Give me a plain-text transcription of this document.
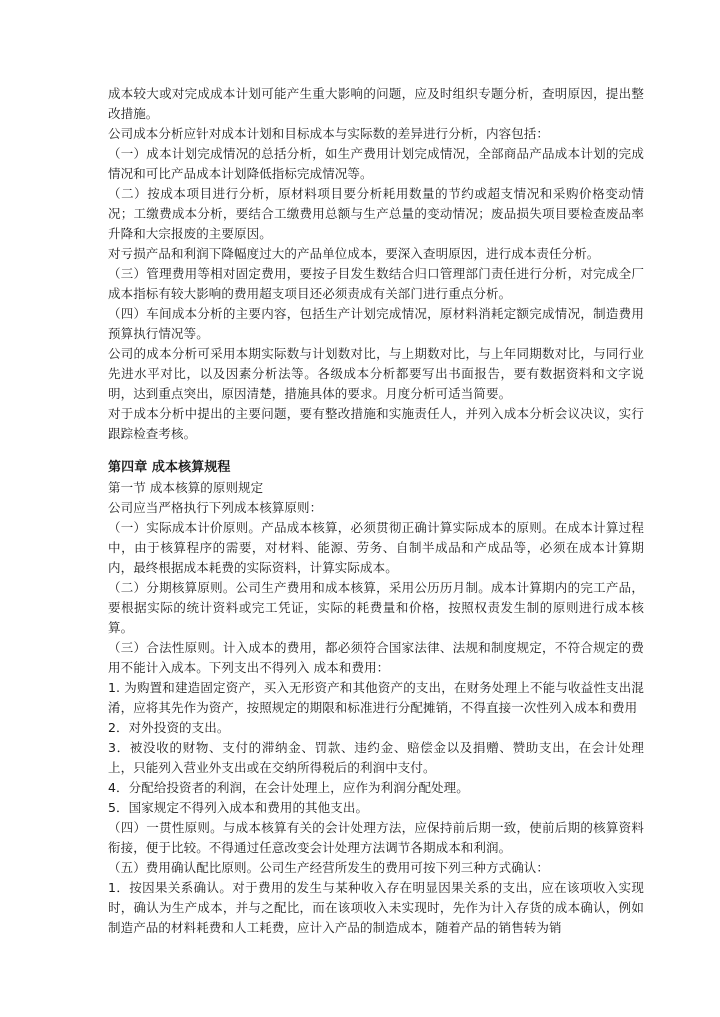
成本较大或对完成成本计划可能产生重大影响的问题，应及时组织专题分析，查明原因，提出整改措施。

公司成本分析应针对成本计划和目标成本与实际数的差异进行分析，内容包括：

（一）成本计划完成情况的总括分析，如生产费用计划完成情况，全部商品产品成本计划的完成情况和可比产品成本计划降低指标完成情况等。

（二）按成本项目进行分析，原材料项目要分析耗用数量的节约或超支情况和采购价格变动情况；工缴费成本分析，要结合工缴费用总额与生产总量的变动情况；废品损失项目要检查废品率升降和大宗报废的主要原因。

对亏损产品和利润下降幅度过大的产品单位成本，要深入查明原因，进行成本责任分析。

（三）管理费用等相对固定费用，要按子目发生数结合归口管理部门责任进行分析，对完成全厂成本指标有较大影响的费用超支项目还必须责成有关部门进行重点分析。

（四）车间成本分析的主要内容，包括生产计划完成情况，原材料消耗定额完成情况，制造费用预算执行情况等。

公司的成本分析可采用本期实际数与计划数对比，与上期数对比，与上年同期数对比，与同行业先进水平对比，以及因素分析法等。各级成本分析都要写出书面报告，要有数据资料和文字说明，达到重点突出，原因清楚，措施具体的要求。月度分析可适当简要。

对于成本分析中提出的主要问题，要有整改措施和实施责任人，并列入成本分析会议决议，实行跟踪检查考核。

第四章 成本核算规程

第一节 成本核算的原则规定

公司应当严格执行下列成本核算原则：

（一）实际成本计价原则。产品成本核算，必须贯彻正确计算实际成本的原则。在成本计算过程中，由于核算程序的需要，对材料、能源、劳务、自制半成品和产成品等，必须在成本计算期内，最终根据成本耗费的实际资料，计算实际成本。

（二）分期核算原则。公司生产费用和成本核算，采用公历历月制。成本计算期内的完工产品，要根据实际的统计资料或完工凭证，实际的耗费量和价格，按照权责发生制的原则进行成本核算。

（三）合法性原则。计入成本的费用，都必须符合国家法律、法规和制度规定，不符合规定的费用不能计入成本。下列支出不得列入 成本和费用：

1. 为购置和建造固定资产，买入无形资产和其他资产的支出，在财务处理上不能与收益性支出混淆，应将其先作为资产，按照规定的期限和标准进行分配摊销，不得直接一次性列入成本和费用

2．对外投资的支出。

3．被没收的财物、支付的滞纳金、罚款、违约金、赔偿金以及捐赠、赞助支出，在会计处理上，只能列入营业外支出或在交纳所得税后的利润中支付。

4．分配给投资者的利润，在会计处理上，应作为利润分配处理。

5．国家规定不得列入成本和费用的其他支出。

（四）一贯性原则。与成本核算有关的会计处理方法，应保持前后期一致，使前后期的核算资料衔接，便于比较。不得通过任意改变会计处理方法调节各期成本和利润。

（五）费用确认配比原则。公司生产经营所发生的费用可按下列三种方式确认：

1．按因果关系确认。对于费用的发生与某种收入存在明显因果关系的支出，应在该项收入实现时，确认为生产成本，并与之配比，而在该项收入未实现时，先作为计入存货的成本确认，例如制造产品的材料耗费和人工耗费，应计入产品的制造成本，随着产品的销售转为销
